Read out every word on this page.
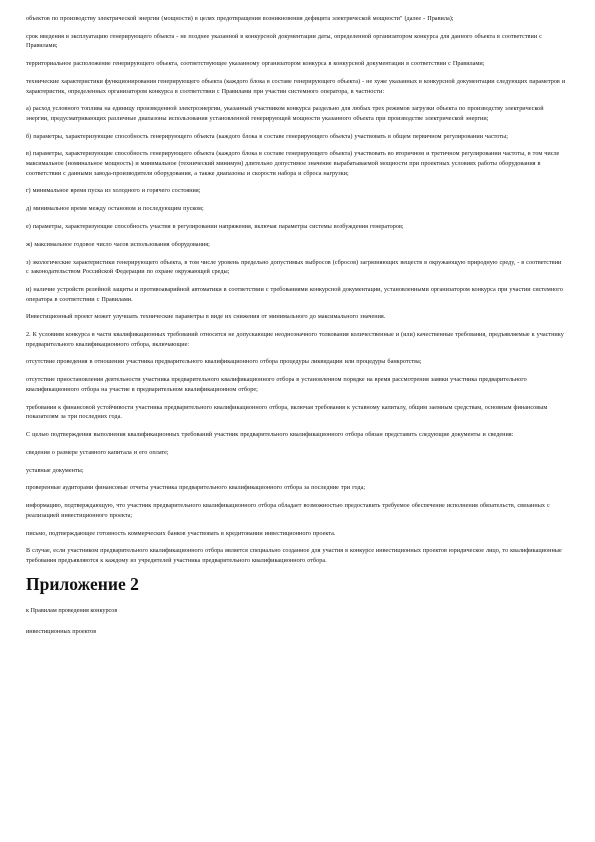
объектов по производству электрической энергии (мощности) в целях предотвращения возникновения дефицита электрической мощности" (далее - Правила);

срок введения в эксплуатацию генерирующего объекта - не позднее указанной в конкурсной документации даты, определенной организатором конкурса для данного объекта в соответствии с Правилами;

территориальное расположение генерирующего объекта, соответствующее указанному организатором конкурса в конкурсной документации в соответствии с Правилами;

технические характеристики функционирования генерирующего объекта (каждого блока в составе генерирующего объекта) - не хуже указанных в конкурсной документации следующих параметров и характеристик, определенных организатором конкурса в соответствии с Правилами при участии системного оператора, в частности:

а) расход условного топлива на единицу произведенной электроэнергии, указанный участником конкурса раздельно для любых трех режимов загрузки объекта по производству электрической энергии, предусматривающих различные диапазоны использования установленной генерирующей мощности указанного объекта при производстве электрической энергии;

б) параметры, характеризующие способность генерирующего объекта (каждого блока в составе генерирующего объекта) участвовать в общем первичном регулировании частоты;

в) параметры, характеризующие способность генерирующего объекта (каждого блока в составе генерирующего объекта) участвовать во вторичном и третичном регулировании частоты, в том числе максимальное (номинальное мощность) и минимальное (технический минимум) длительно допустимое значение вырабатываемой мощности при проектных условиях работы оборудования в соответствии с данными завода-производителя оборудования, а также диапазоны и скорости набора и сброса нагрузки;

г) минимальное время пуска из холодного и горячего состояния;

д) минимальное время между остановом и последующим пуском;

е) параметры, характеризующие способность участия в регулировании напряжения, включая параметры системы возбуждения генераторов;

ж) максимальное годовое число часов использования оборудования;

з) экологические характеристики генерирующего объекта, в том числе уровень предельно допустимых выбросов (сбросов) загрязняющих веществ в окружающую природную среду, - в соответствии с законодательством Российской Федерации по охране окружающей среды;

и) наличие устройств релейной защиты и противоаварийной автоматики в соответствии с требованиями конкурсной документации, установленными организатором конкурса при участии системного оператора в соответствии с Правилами.

Инвестиционный проект может улучшать технические параметры в виде их снижения от минимального до максимального значения.

2. К условиям конкурса в части квалификационных требований относятся не допускающие неоднозначного толкования количественные и (или) качественные требования, предъявляемые к участнику предварительного квалификационного отбора, включающие:

отсутствие проведения в отношении участника предварительного квалификационного отбора процедуры ликвидации или процедуры банкротства;

отсутствие приостановления деятельности участника предварительного квалификационного отбора в установленном порядке на время рассмотрения заявки участника предварительного квалификационного отбора на участие в предварительном квалификационном отборе;

требования к финансовой устойчивости участника предварительного квалификационного отбора, включая требования к уставному капиталу, общим заемным средствам, основным финансовым показателям за три последних года.

С целью подтверждения выполнения квалификационных требований участник предварительного квалификационного отбора обязан представить следующие документы и сведения:

сведения о размере уставного капитала и его оплате;

уставные документы;

проверенные аудиторами финансовые отчеты участника предварительного квалификационного отбора за последние три года;

информацию, подтверждающую, что участник предварительного квалификационного отбора обладает возможностью предоставить требуемое обеспечение исполнения обязательств, связанных с реализацией инвестиционного проекта;

письмо, подтверждающее готовность коммерческих банков участвовать в кредитовании инвестиционного проекта.

В случае, если участником предварительного квалификационного отбора является специально созданное для участия в конкурсе инвестиционных проектов юридическое лицо, то квалификационные требования предъявляются к каждому из учредителей участника предварительного квалификационного отбора.

Приложение 2

к Правилам проведения конкурсов

инвестиционных проектов
